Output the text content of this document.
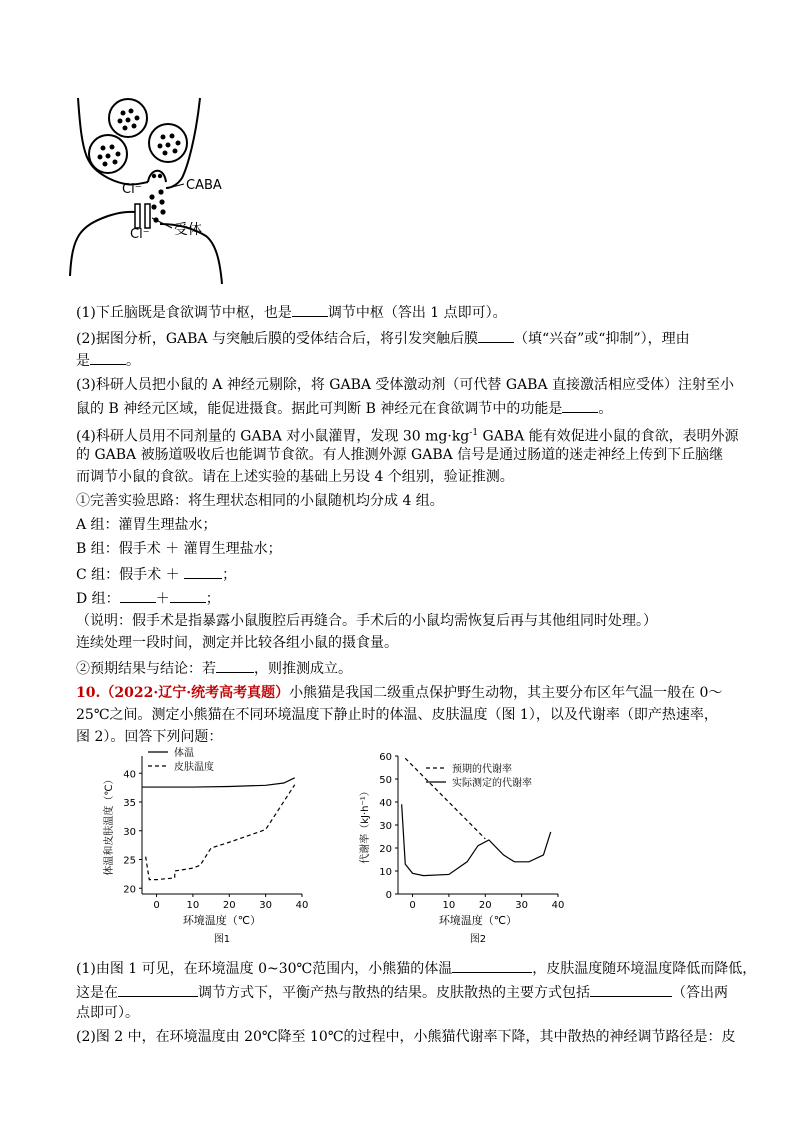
Cl⁻
Cl⁻
CABA
受体
(1)下丘脑既是食欲调节中枢，也是	调节中枢（答出 1 点即可）。
(2)据图分析，GABA 与突触后膜的受体结合后，将引发突触后膜	（填“兴奋”或“抑制”），理由
是	。
(3)科研人员把小鼠的 A 神经元剔除，将 GABA 受体激动剂（可代替 GABA 直接激活相应受体）注射至小
鼠的 B 神经元区域，能促进摄食。据此可判断 B 神经元在食欲调节中的功能是	。
(4)科研人员用不同剂量的 GABA 对小鼠灌胃，发现 30 $mg\cdot kg^{-1}$ GABA 能有效促进小鼠的食欲，表明外源
的 GABA 被肠道吸收后也能调节食欲。有人推测外源 GABA 信号是通过肠道的迷走神经上传到下丘脑继
而调节小鼠的食欲。请在上述实验的基础上另设 4 个组别，验证推测。
①完善实验思路：将生理状态相同的小鼠随机均分成 4 组。
A 组：灌胃生理盐水；
B 组：假手术 ＋ 灌胃生理盐水；
C 组：假手术 ＋	；
D 组：	＋	；
（说明：假手术是指暴露小鼠腹腔后再缝合。手术后的小鼠均需恢复后再与其他组同时处理。）
连续处理一段时间，测定并比较各组小鼠的摄食量。
②预期结果与结论：若	，则推测成立。
10.（2022·辽宁·统考高考真题）小熊猫是我国二级重点保护野生动物，其主要分布区年气温一般在 0～
25℃之间。测定小熊猫在不同环境温度下静止时的体温、皮肤温度（图 1），以及代谢率（即产热速率，
图 2）。回答下列问题：
20
25
30
35
40
0	10 20 30 40
环境温度（℃）
体温和皮肤温度（℃）
图1
体温
皮肤温度
0
10
20
30
40
50
60
0	10 20 30 40
环境温度（℃）
代谢率（kJ·h⁻¹）
图2
预期的代谢率
实际测定的代谢率
(1)由图 1 可见，在环境温度 0~30℃范围内，小熊猫的体温	，皮肤温度随环境温度降低而降低，
这是在	调节方式下，平衡产热与散热的结果。皮肤散热的主要方式包括	（答出两
点即可）。
(2)图 2 中，在环境温度由 20℃降至 10℃的过程中，小熊猫代谢率下降，其中散热的神经调节路径是：皮
